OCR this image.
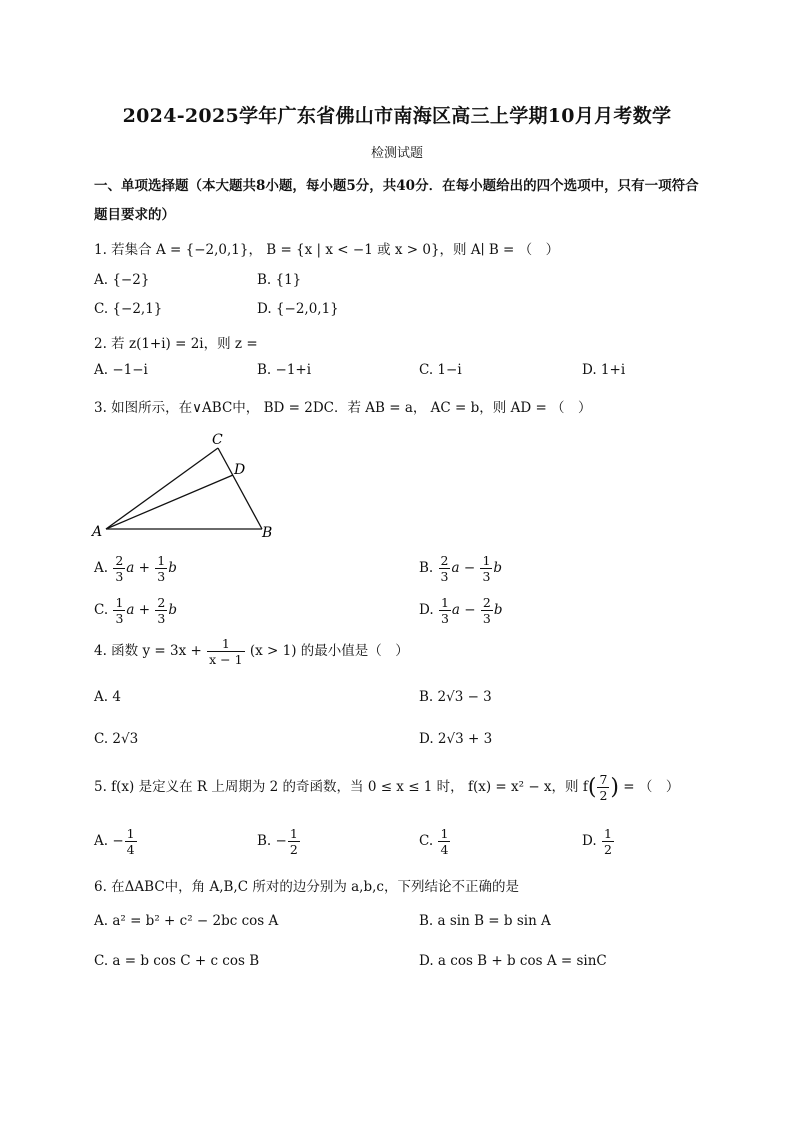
2024-2025学年广东省佛山市南海区高三上学期10月月考数学
检测试题
一、单项选择题（本大题共8小题，每小题5分，共40分．在每小题给出的四个选项中，只有一项符合题目要求的）
1. 若集合 A = {−2,0,1}， B = {x | x < −1 或 x > 0}，则 A∣ B = （　）
A. {−2}	B. {1}
C. {−2,1}	D. {−2,0,1}
2. 若 z(1+i) = 2i，则 z =
A. −1−i	B. −1+i	C. 1−i	D. 1+i
3. 如图所示，在∨ABC中， BD = 2DC．若 AB = a， AC = b，则 AD = （　）
C
D
A	B
A. $\frac{2}{3}$ $a + \frac{1}{3}$ b	B. $\frac{2}{3}$ $a - \frac{1}{3}$ b
C. $\frac{1}{3}$ $a + \frac{2}{3}$ b	D. $\frac{1}{3}$ $a - \frac{2}{3}$ b
4. 函数 $y = 3x + \frac{1}{x - 1} (x > 1)$ 的最小值是（　）
A. 4	B. 2√3 − 3
C. 2√3	D. 2√3 + 3
5. f(x) 是定义在 R 上周期为 2 的奇函数，当 0 ≤ x ≤ 1 时， f(x) = x² − x，则 $f( \frac{7}{2}$ ) = （　）
A. − $\frac{1}{4}$	B. − $\frac{1}{2}$	C. $\frac{1}{4}$	D. $\frac{1}{2}$
6. 在ΔABC中，角 A,B,C 所对的边分别为 a,b,c，下列结论不正确的是
A. a² = b² + c² − 2bc cos A	B. a sin B = b sin A
C. a = b cos C + c cos B	D. a cos B + b cos A = sinC
